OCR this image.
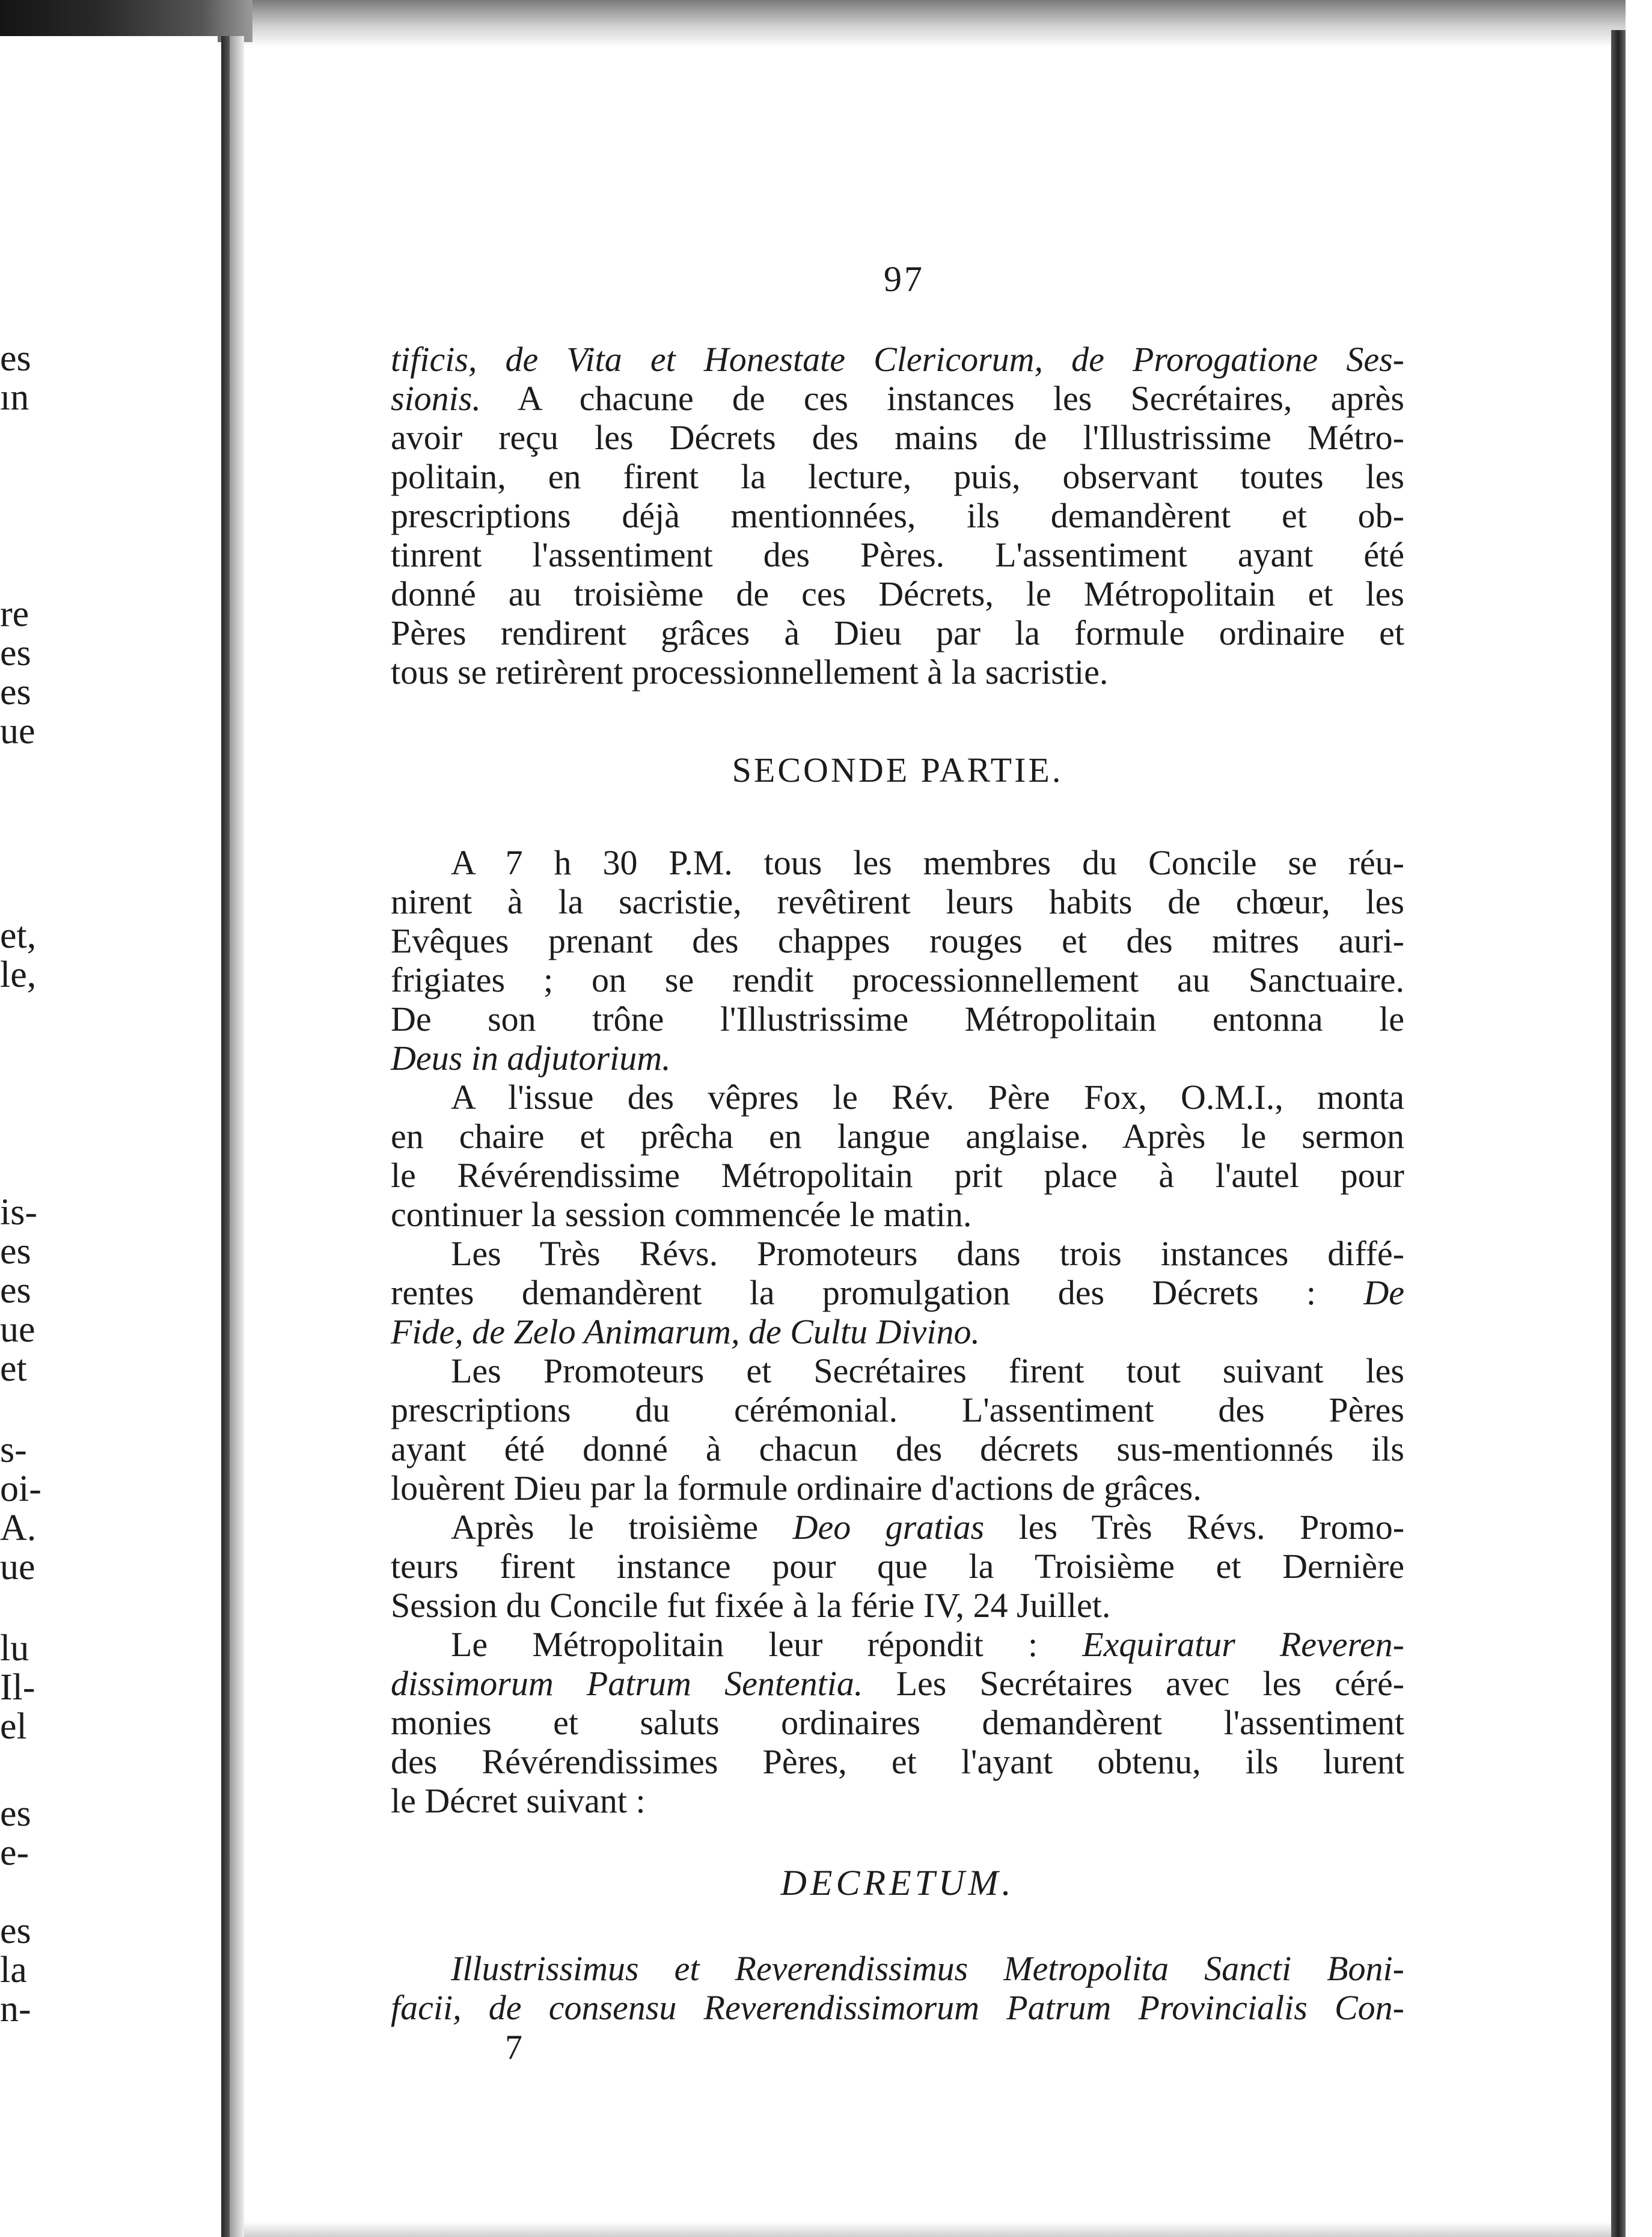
es
ın
re
es
es
ue
et,
le,
is-
es
es
ue
et
s-
oi-
A.
ue
lu
Il-
el
es
e-
es
la
n-
97

tificis, de Vita et Honestate Clericorum, de Prorogatione Ses-
sionis. A chacune de ces instances les Secrétaires, après
avoir reçu les Décrets des mains de l'Illustrissime Métro-
politain, en firent la lecture, puis, observant toutes les
prescriptions déjà mentionnées, ils demandèrent et ob-
tinrent l'assentiment des Pères. L'assentiment ayant été
donné au troisième de ces Décrets, le Métropolitain et les
Pères rendirent grâces à Dieu par la formule ordinaire et
tous se retirèrent processionnellement à la sacristie.

SECONDE PARTIE.

A 7 h 30 P.M. tous les membres du Concile se réu-
nirent à la sacristie, revêtirent leurs habits de chœur, les
Evêques prenant des chappes rouges et des mitres auri-
frigiates ; on se rendit processionnellement au Sanctuaire.
De son trône l'Illustrissime Métropolitain entonna le
Deus in adjutorium.

A l'issue des vêpres le Rév. Père Fox, O.M.I., monta
en chaire et prêcha en langue anglaise. Après le sermon
le Révérendissime Métropolitain prit place à l'autel pour
continuer la session commencée le matin.

Les Très Révs. Promoteurs dans trois instances diffé-
rentes demandèrent la promulgation des Décrets : De
Fide, de Zelo Animarum, de Cultu Divino.

Les Promoteurs et Secrétaires firent tout suivant les
prescriptions du cérémonial. L'assentiment des Pères
ayant été donné à chacun des décrets sus-mentionnés ils
louèrent Dieu par la formule ordinaire d'actions de grâces.

Après le troisième Deo gratias les Très Révs. Promo-
teurs firent instance pour que la Troisième et Dernière
Session du Concile fut fixée à la férie IV, 24 Juillet.

Le Métropolitain leur répondit : Exquiratur Reveren-
dissimorum Patrum Sententia. Les Secrétaires avec les céré-
monies et saluts ordinaires demandèrent l'assentiment
des Révérendissimes Pères, et l'ayant obtenu, ils lurent
le Décret suivant :

DECRETUM.

Illustrissimus et Reverendissimus Metropolita Sancti Boni-
facii, de consensu Reverendissimorum Patrum Provincialis Con-

7
